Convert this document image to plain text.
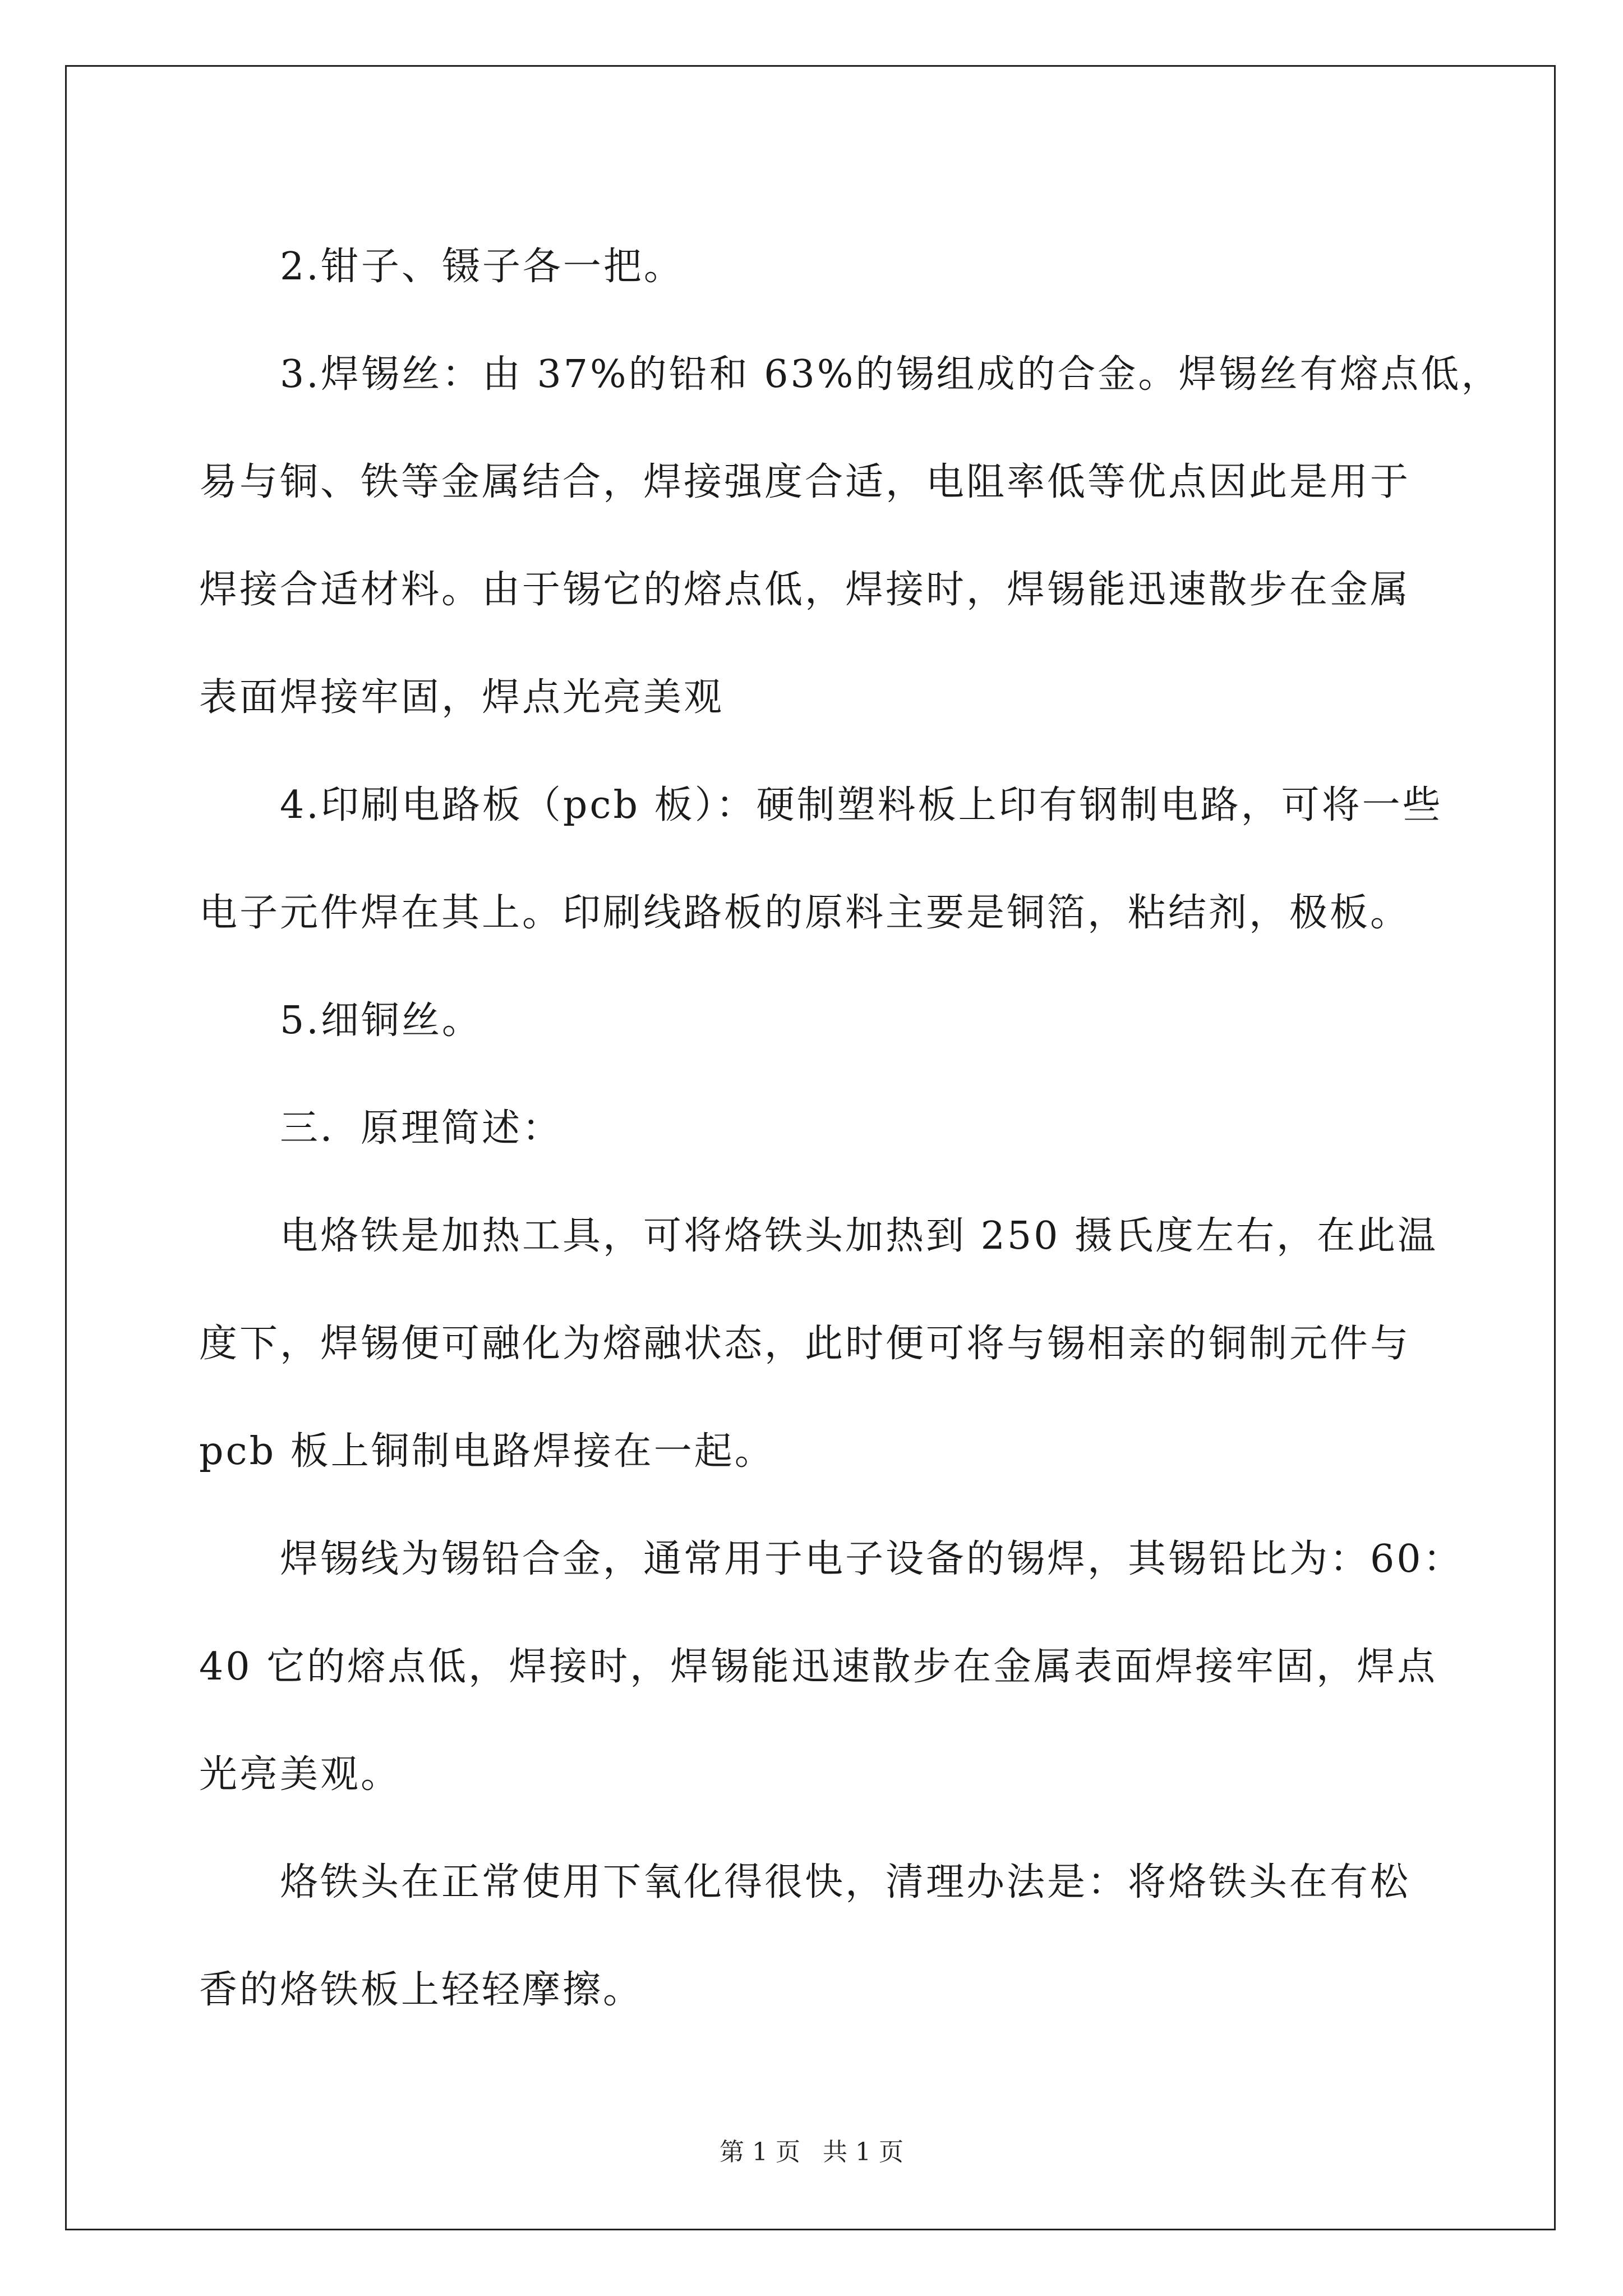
2.钳子、镊子各一把。

3.焊锡丝：由 37%的铅和 63%的锡组成的合金。焊锡丝有熔点低，
易与铜、铁等金属结合，焊接强度合适，电阻率低等优点因此是用于
焊接合适材料。由于锡它的熔点低，焊接时，焊锡能迅速散步在金属
表面焊接牢固，焊点光亮美观

4.印刷电路板（pcb 板）：硬制塑料板上印有钢制电路，可将一些
电子元件焊在其上。印刷线路板的原料主要是铜箔，粘结剂，极板。

5.细铜丝。

三．原理简述：

电烙铁是加热工具，可将烙铁头加热到 250 摄氏度左右，在此温
度下，焊锡便可融化为熔融状态，此时便可将与锡相亲的铜制元件与
pcb 板上铜制电路焊接在一起。

焊锡线为锡铅合金，通常用于电子设备的锡焊，其锡铅比为：60：
40 它的熔点低，焊接时，焊锡能迅速散步在金属表面焊接牢固，焊点
光亮美观。

烙铁头在正常使用下氧化得很快，清理办法是：将烙铁头在有松
香的烙铁板上轻轻摩擦。

第 1 页 共 1 页
